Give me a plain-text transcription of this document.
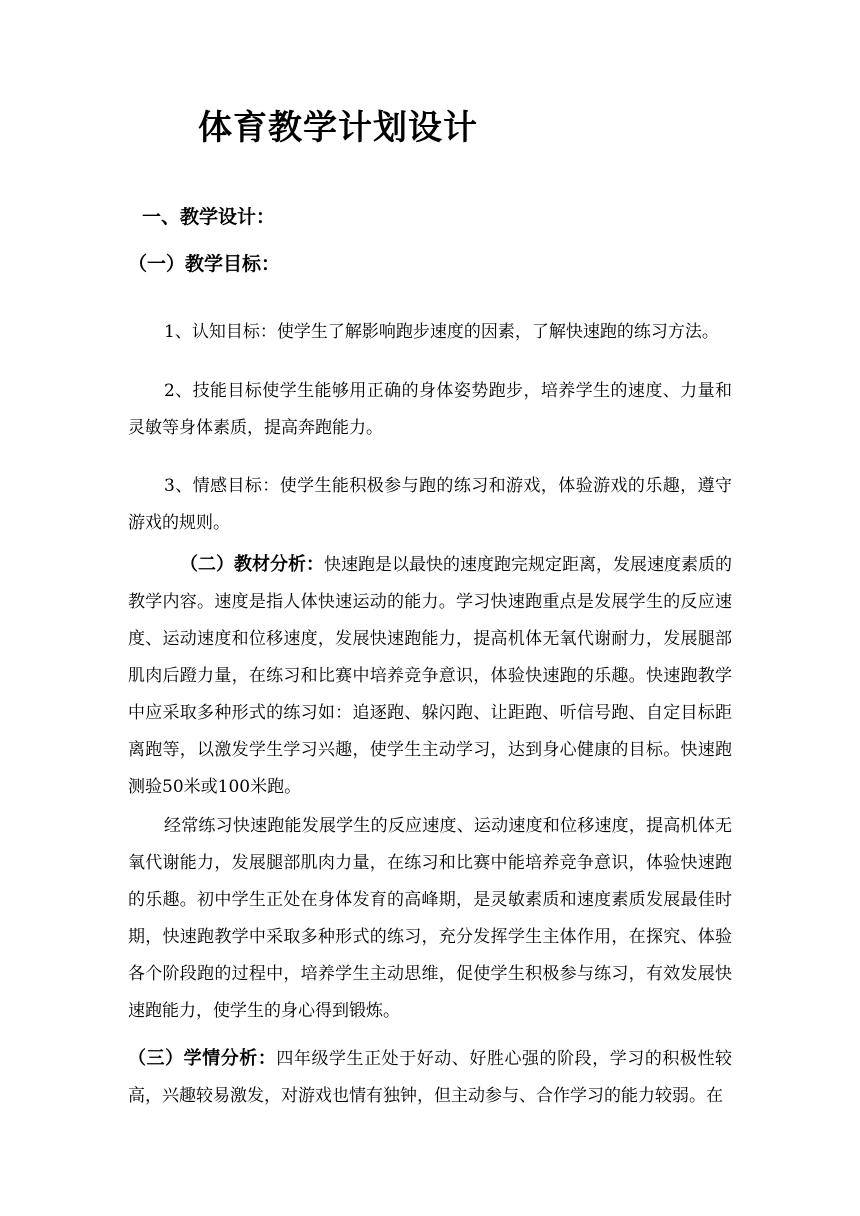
体育教学计划设计
一、教学设计：
（一）教学目标：

1、认知目标：使学生了解影响跑步速度的因素，了解快速跑的练习方法。

2、技能目标使学生能够用正确的身体姿势跑步，培养学生的速度、力量和灵敏等身体素质，提高奔跑能力。

3、情感目标：使学生能积极参与跑的练习和游戏，体验游戏的乐趣，遵守游戏的规则。

（二）教材分析：快速跑是以最快的速度跑完规定距离，发展速度素质的教学内容。速度是指人体快速运动的能力。学习快速跑重点是发展学生的反应速度、运动速度和位移速度，发展快速跑能力，提高机体无氧代谢耐力，发展腿部肌肉后蹬力量，在练习和比赛中培养竞争意识，体验快速跑的乐趣。快速跑教学中应采取多种形式的练习如：追逐跑、躲闪跑、让距跑、听信号跑、自定目标距离跑等，以激发学生学习兴趣，使学生主动学习，达到身心健康的目标。快速跑测验50米或100米跑。

经常练习快速跑能发展学生的反应速度、运动速度和位移速度，提高机体无氧代谢能力，发展腿部肌肉力量，在练习和比赛中能培养竞争意识，体验快速跑的乐趣。初中学生正处在身体发育的高峰期，是灵敏素质和速度素质发展最佳时期，快速跑教学中采取多种形式的练习，充分发挥学生主体作用，在探究、体验各个阶段跑的过程中，培养学生主动思维，促使学生积极参与练习，有效发展快速跑能力，使学生的身心得到锻炼。

（三）学情分析：四年级学生正处于好动、好胜心强的阶段，学习的积极性较高，兴趣较易激发，对游戏也情有独钟，但主动参与、合作学习的能力较弱。在
